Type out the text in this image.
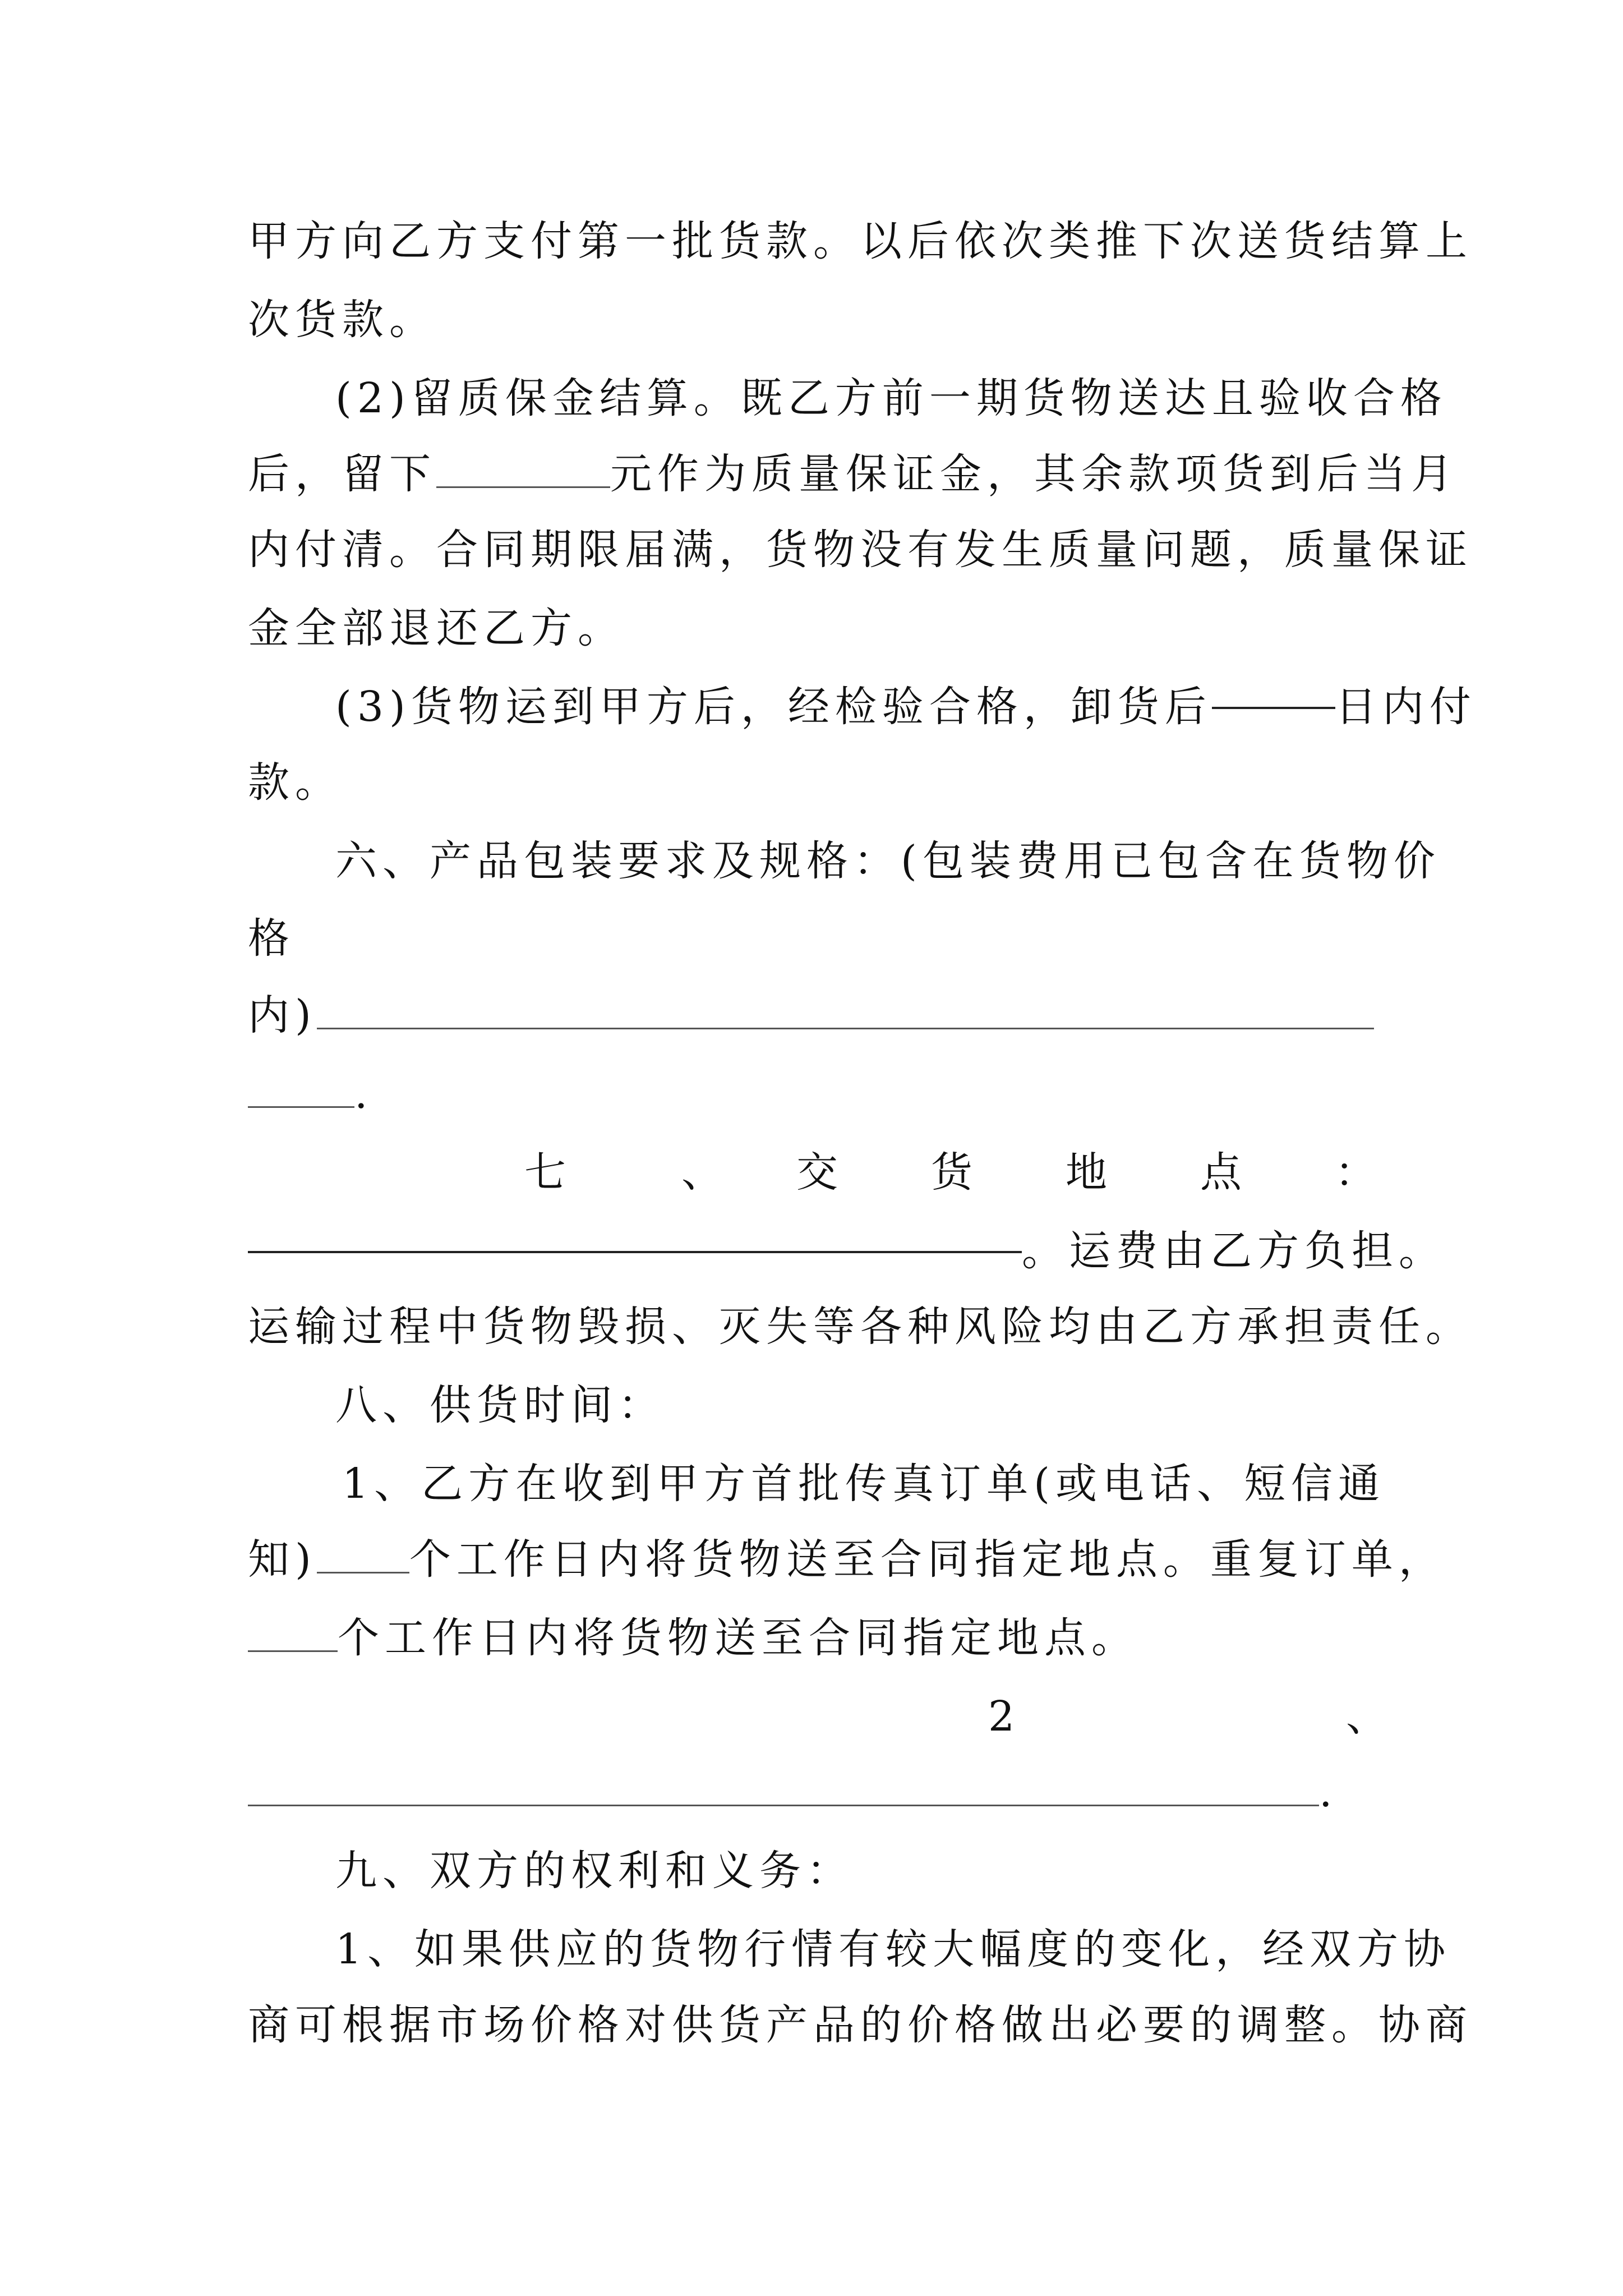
甲方向乙方支付第一批货款。以后依次类推下次送货结算上
次货款。
(2)留质保金结算。既乙方前一期货物送达且验收合格
后，留下	元作为质量保证金，其余款项货到后当月
内付清。合同期限届满，货物没有发生质量问题，质量保证
金全部退还乙方。
(3)货物运到甲方后，经检验合格，卸货后	日内付
款。
六、产品包装要求及规格：(包装费用已包含在货物价
格
内)
.
七	、 交 货 地 点 ：
。运费由乙方负担。
运输过程中货物毁损、灭失等各种风险均由乙方承担责任。
八、供货时间：
1、乙方在收到甲方首批传真订单(或电话、短信通
知) 个工作日内将货物送至合同指定地点。重复订单，
个工作日内将货物送至合同指定地点。
2	、
.
九、双方的权利和义务：
1、如果供应的货物行情有较大幅度的变化，经双方协
商可根据市场价格对供货产品的价格做出必要的调整。协商
